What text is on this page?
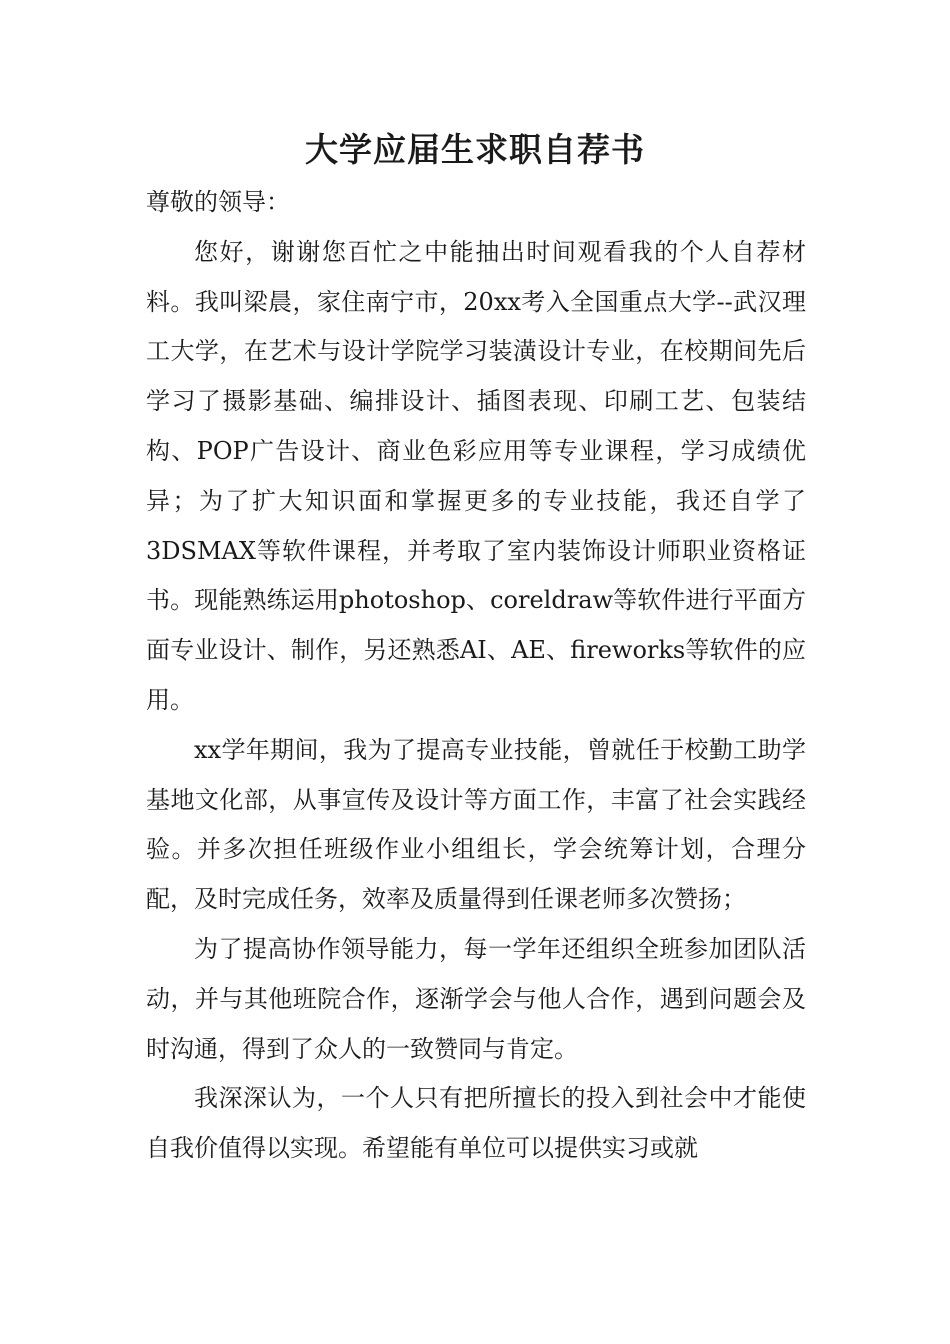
大学应届生求职自荐书

尊敬的领导：

您好，谢谢您百忙之中能抽出时间观看我的个人自荐材料。我叫梁晨，家住南宁市，20xx考入全国重点大学--武汉理工大学，在艺术与设计学院学习装潢设计专业，在校期间先后学习了摄影基础、编排设计、插图表现、印刷工艺、包装结构、POP广告设计、商业色彩应用等专业课程，学习成绩优异；为了扩大知识面和掌握更多的专业技能，我还自学了3DSMAX等软件课程，并考取了室内装饰设计师职业资格证书。现能熟练运用photoshop、coreldraw等软件进行平面方面专业设计、制作，另还熟悉AI、AE、fireworks等软件的应用。

xx学年期间，我为了提高专业技能，曾就任于校勤工助学基地文化部，从事宣传及设计等方面工作，丰富了社会实践经验。并多次担任班级作业小组组长，学会统筹计划，合理分配，及时完成任务，效率及质量得到任课老师多次赞扬；

为了提高协作领导能力，每一学年还组织全班参加团队活动，并与其他班院合作，逐渐学会与他人合作，遇到问题会及时沟通，得到了众人的一致赞同与肯定。

我深深认为，一个人只有把所擅长的投入到社会中才能使自我价值得以实现。希望能有单位可以提供实习或就
